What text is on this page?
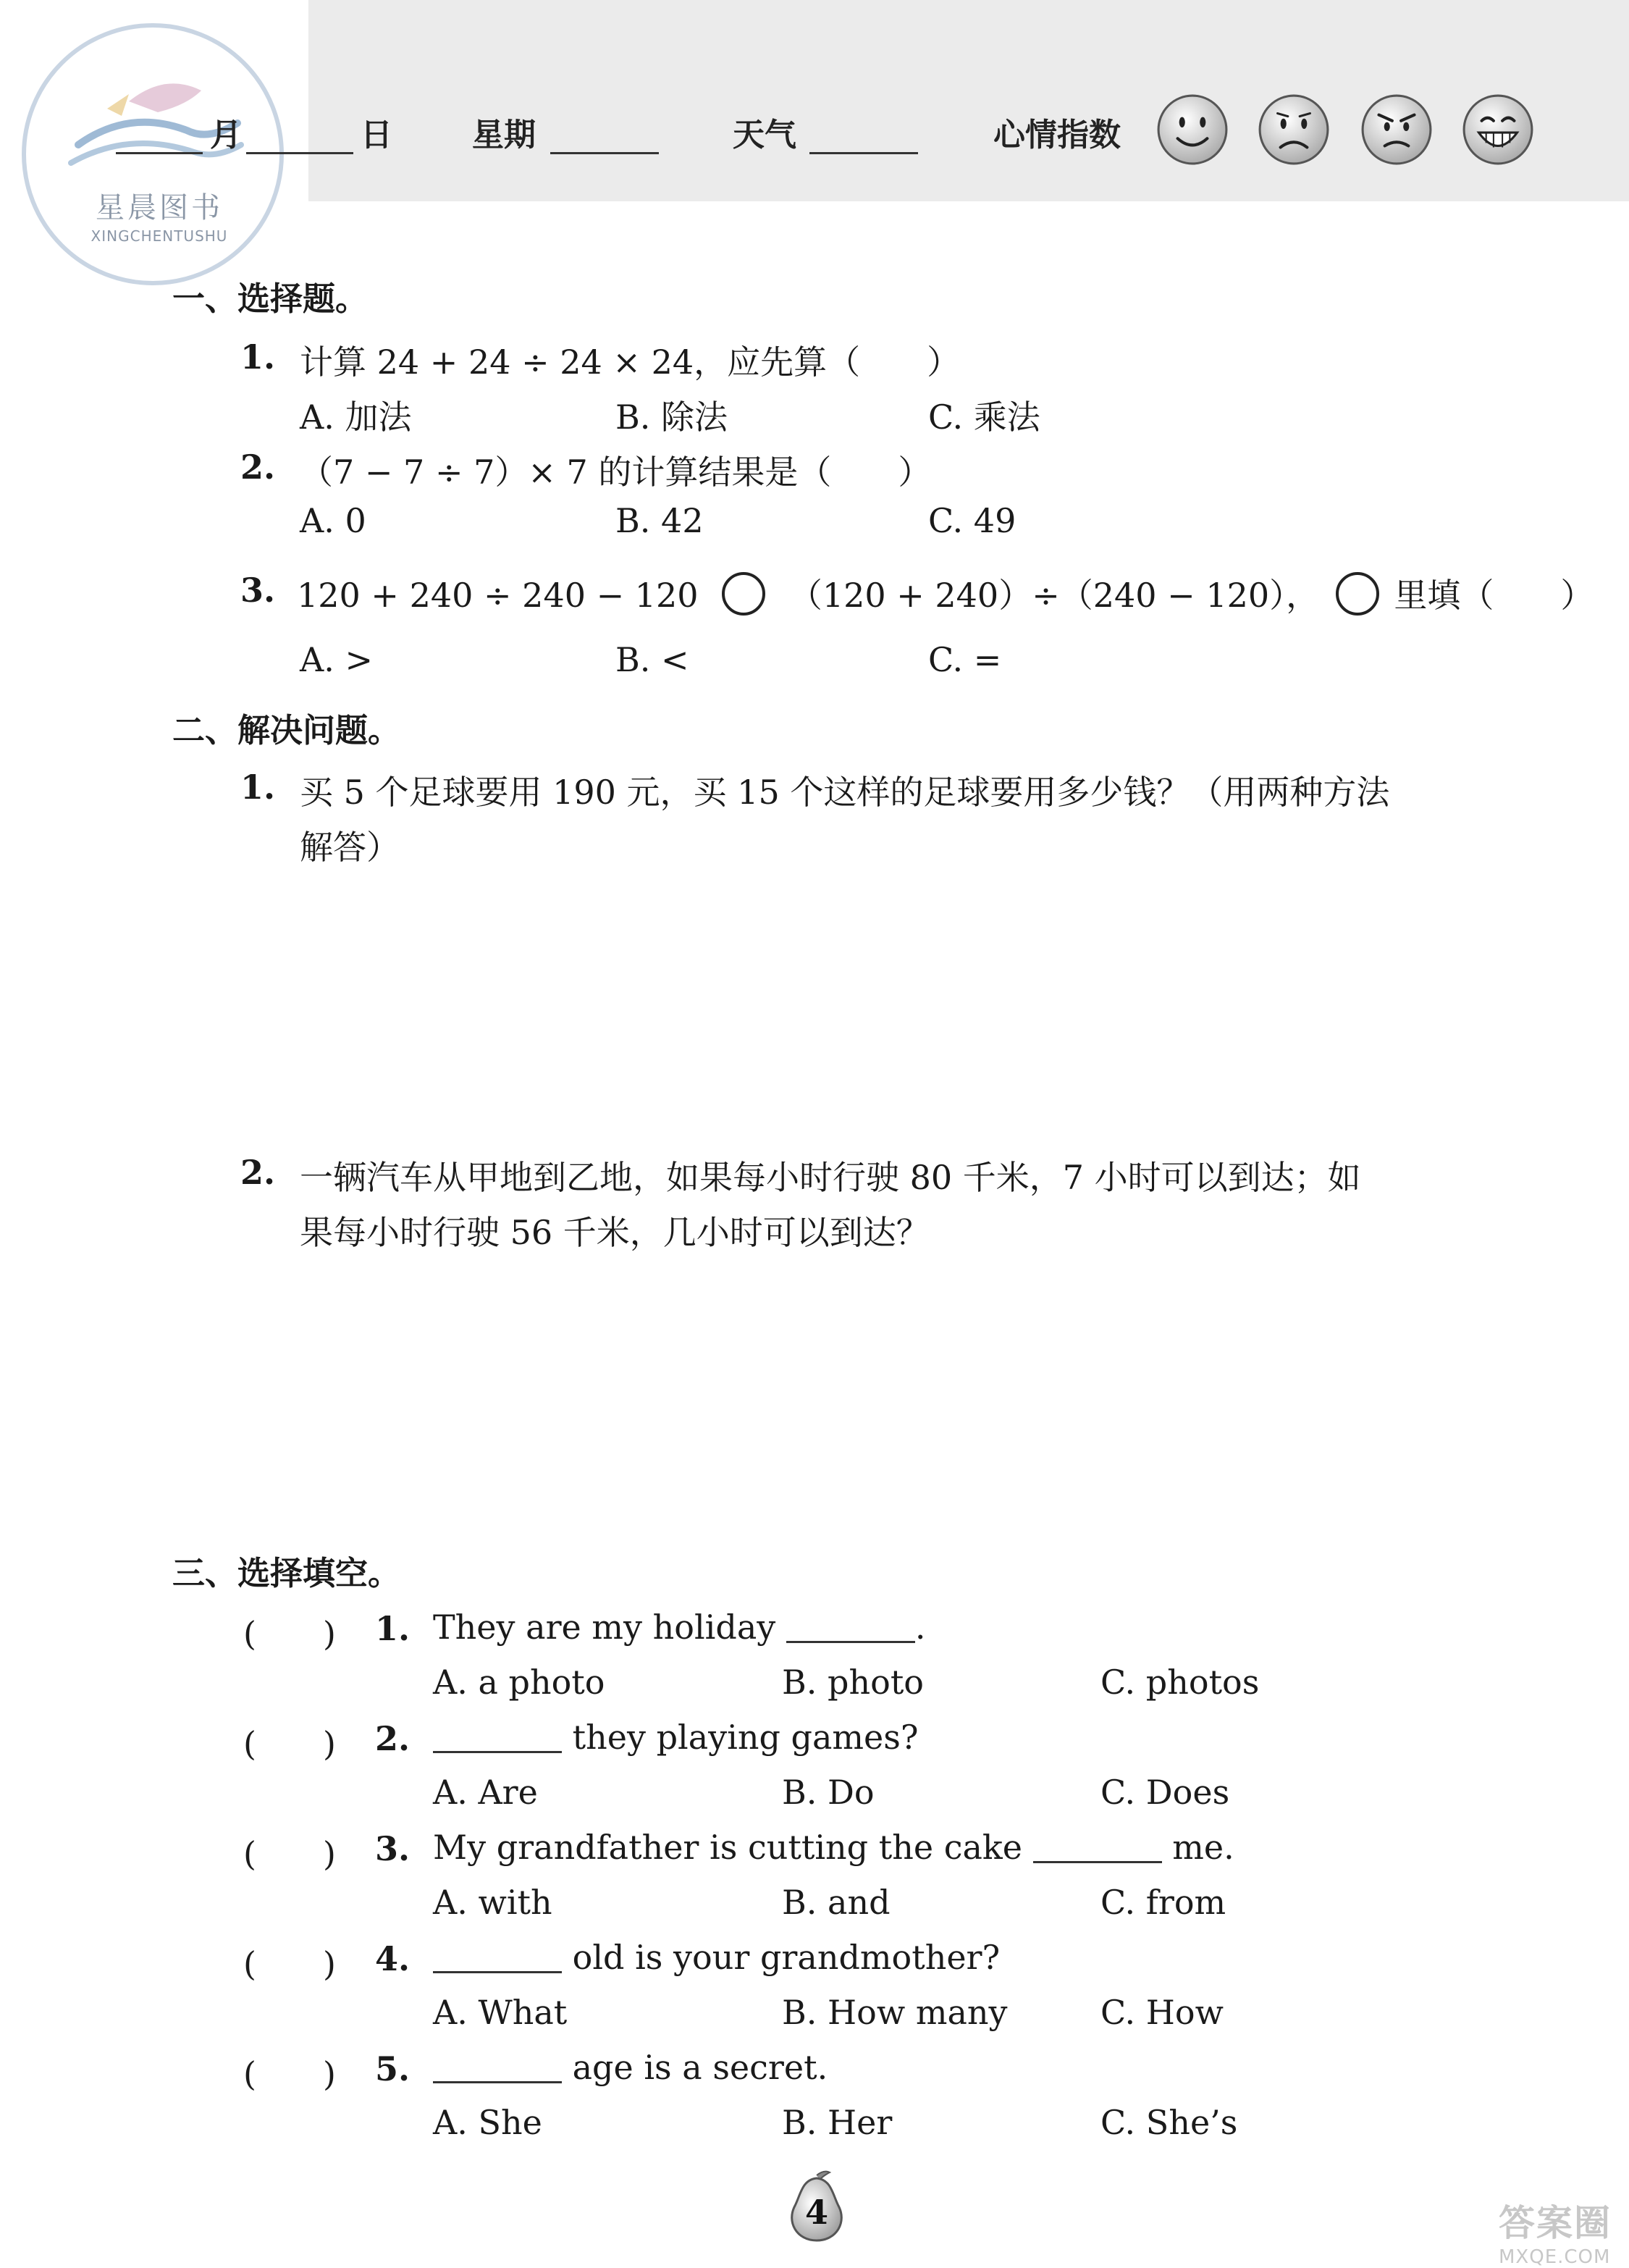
星晨图书
XINGCHENTUSHU
月	日	星期	天气	心情指数
一、选择题。
1. 计算 24 + 24 ÷ 24 × 24，应先算（　　）
A. 加法	B. 除法	C. 乘法
2. （7 − 7 ÷ 7）× 7 的计算结果是（　　）
A. 0	B. 42	C. 49
3. 120 + 240 ÷ 240 − 120	（120 + 240）÷（240 − 120）， 里填（　　）
A. >	B. <	C. =
二、解决问题。
1. 买 5 个足球要用 190 元，买 15 个这样的足球要用多少钱？（用两种方法
解答）
2. 一辆汽车从甲地到乙地，如果每小时行驶 80 千米，7 小时可以到达；如
果每小时行驶 56 千米，几小时可以到达？
三、选择填空。
(　　) 1. They are my holiday	.
A. a photo	B. photo	C. photos
(　　) 2.	they playing games?
A. Are	B. Do	C. Does
(　　) 3. My grandfather is cutting the cake	me.
A. with	B. and	C. from
(　　) 4.	old is your grandmother?
A. What	B. How many	C. How
(　　) 5.	age is a secret.
A. She	B. Her	C. She’s
4	答案圈
MXQE.COM
